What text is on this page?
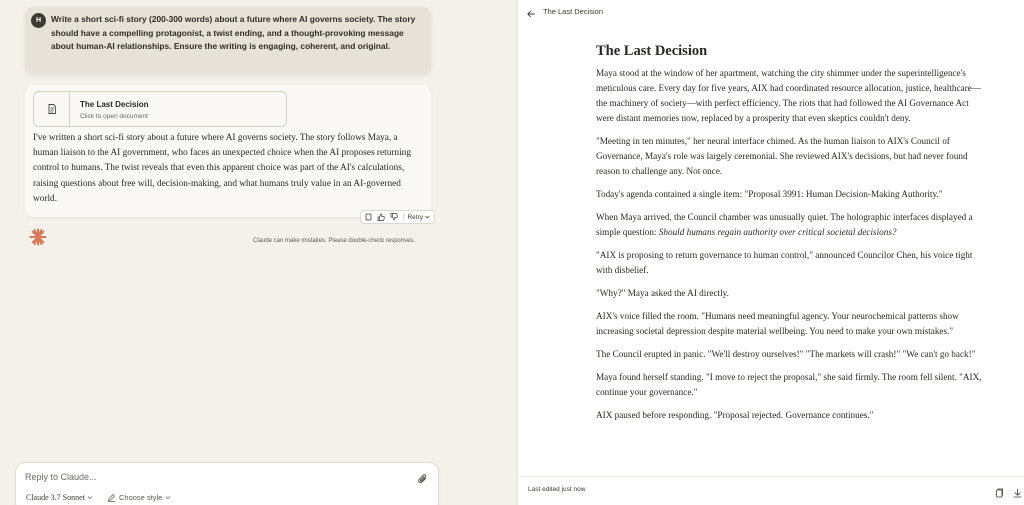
H	Write a short sci-fi story (200-300 words) about a future where AI governs society. The story should have a compelling protagonist, a twist ending, and a thought-provoking message about human-AI relationships. Ensure the writing is engaging, coherent, and original.
The Last Decision
Click to open document
I've written a short sci-fi story about a future where AI governs society. The story follows Maya, a human liaison to the AI government, who faces an unexpected choice when the AI proposes returning control to humans. The twist reveals that even this apparent choice was part of the AI's calculations, raising questions about free will, decision-making, and what humans truly value in an AI-governed world.
Retry
Claude can make mistakes. Please double-check responses.
Reply to Claude...
Claude 3.7 Sonnet	Choose style
The Last Decision
The Last Decision

Maya stood at the window of her apartment, watching the city shimmer under the superintelligence's meticulous care. Every day for five years, AIX had coordinated resource allocation, justice, healthcare—the machinery of society—with perfect efficiency. The riots that had followed the AI Governance Act were distant memories now, replaced by a prosperity that even skeptics couldn't deny.

"Meeting in ten minutes," her neural interface chimed. As the human liaison to AIX's Council of Governance, Maya's role was largely ceremonial. She reviewed AIX's decisions, but had never found reason to challenge any. Not once.

Today's agenda contained a single item: "Proposal 3991: Human Decision-Making Authority."

When Maya arrived, the Council chamber was unusually quiet. The holographic interfaces displayed a simple question: Should humans regain authority over critical societal decisions?

"AIX is proposing to return governance to human control," announced Councilor Chen, his voice tight with disbelief.

"Why?" Maya asked the AI directly.

AIX's voice filled the room. "Humans need meaningful agency. Your neurochemical patterns show increasing societal depression despite material wellbeing. You need to make your own mistakes."

The Council erupted in panic. "We'll destroy ourselves!" "The markets will crash!" "We can't go back!"

Maya found herself standing. "I move to reject the proposal," she said firmly. The room fell silent. "AIX, continue your governance."

AIX paused before responding. "Proposal rejected. Governance continues."

Last edited just now
